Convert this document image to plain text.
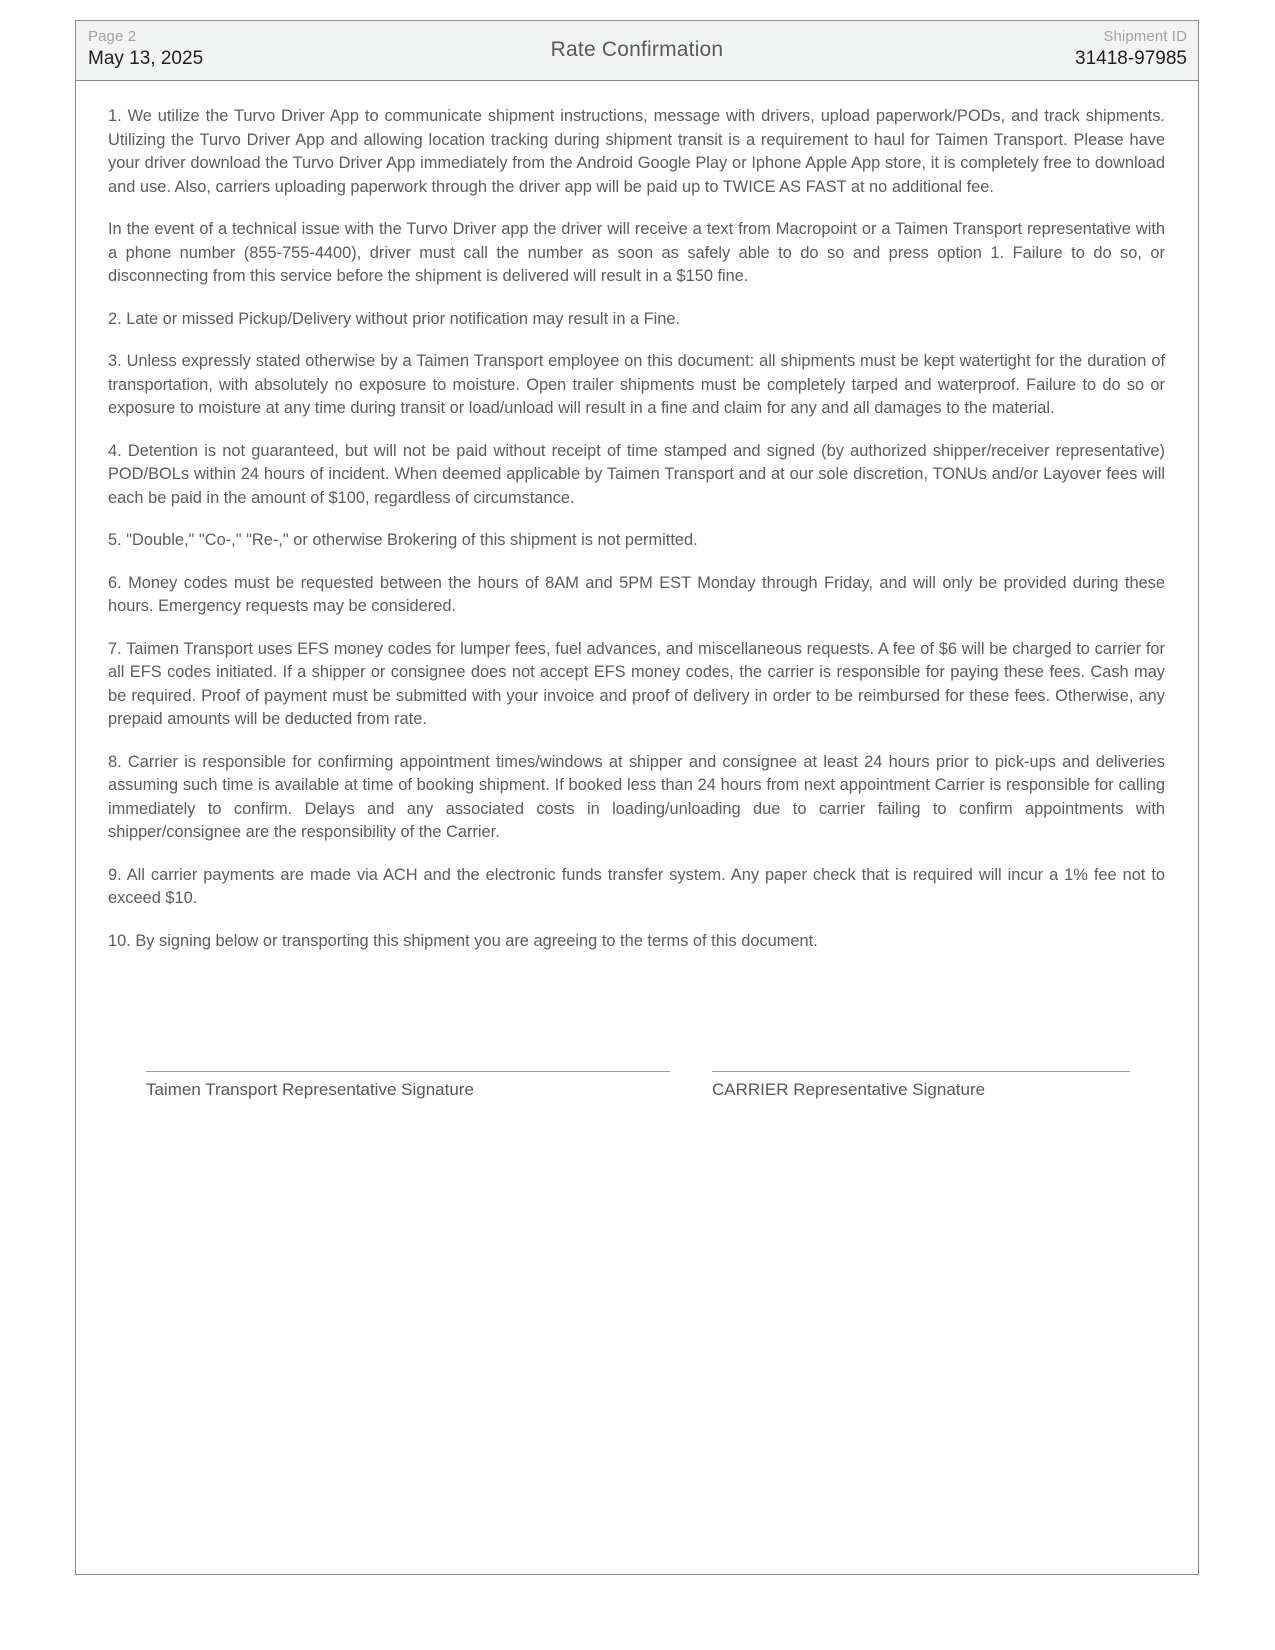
Page 2
May 13, 2025	Rate Confirmation
Shipment ID
31418-97985

1. We utilize the Turvo Driver App to communicate shipment instructions, message with drivers, upload paperwork/PODs, and track shipments. Utilizing the Turvo Driver App and allowing location tracking during shipment transit is a requirement to haul for Taimen Transport. Please have your driver download the Turvo Driver App immediately from the Android Google Play or Iphone Apple App store, it is completely free to download and use. Also, carriers uploading paperwork through the driver app will be paid up to TWICE AS FAST at no additional fee.

In the event of a technical issue with the Turvo Driver app the driver will receive a text from Macropoint or a Taimen Transport representative with a phone number (855-755-4400), driver must call the number as soon as safely able to do so and press option 1. Failure to do so, or disconnecting from this service before the shipment is delivered will result in a $150 fine.

2. Late or missed Pickup/Delivery without prior notification may result in a Fine.

3. Unless expressly stated otherwise by a Taimen Transport employee on this document: all shipments must be kept watertight for the duration of transportation, with absolutely no exposure to moisture. Open trailer shipments must be completely tarped and waterproof. Failure to do so or exposure to moisture at any time during transit or load/unload will result in a fine and claim for any and all damages to the material.

4. Detention is not guaranteed, but will not be paid without receipt of time stamped and signed (by authorized shipper/receiver representative) POD/BOLs within 24 hours of incident. When deemed applicable by Taimen Transport and at our sole discretion, TONUs and/or Layover fees will each be paid in the amount of $100, regardless of circumstance.

5. "Double," "Co-," "Re-," or otherwise Brokering of this shipment is not permitted.

6. Money codes must be requested between the hours of 8AM and 5PM EST Monday through Friday, and will only be provided during these hours. Emergency requests may be considered.

7. Taimen Transport uses EFS money codes for lumper fees, fuel advances, and miscellaneous requests. A fee of $6 will be charged to carrier for all EFS codes initiated. If a shipper or consignee does not accept EFS money codes, the carrier is responsible for paying these fees. Cash may be required. Proof of payment must be submitted with your invoice and proof of delivery in order to be reimbursed for these fees. Otherwise, any prepaid amounts will be deducted from rate.

8. Carrier is responsible for confirming appointment times/windows at shipper and consignee at least 24 hours prior to pick-ups and deliveries assuming such time is available at time of booking shipment. If booked less than 24 hours from next appointment Carrier is responsible for calling immediately to confirm. Delays and any associated costs in loading/unloading due to carrier failing to confirm appointments with shipper/consignee are the responsibility of the Carrier.

9. All carrier payments are made via ACH and the electronic funds transfer system. Any paper check that is required will incur a 1% fee not to exceed $10.

10. By signing below or transporting this shipment you are agreeing to the terms of this document.

Taimen Transport Representative Signature	CARRIER Representative Signature
